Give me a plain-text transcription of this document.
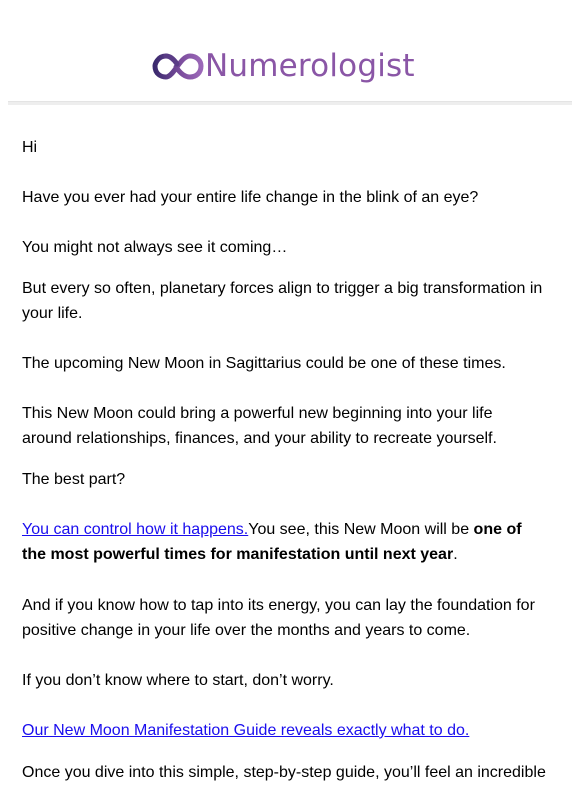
Numerologist

Hi

Have you ever had your entire life change in the blink of an eye?

You might not always see it coming…

But every so often, planetary forces align to trigger a big transformation in your life.

The upcoming New Moon in Sagittarius could be one of these times.

This New Moon could bring a powerful new beginning into your life around relationships, finances, and your ability to recreate yourself.

The best part?

You can control how it happens.You see, this New Moon will be one of the most powerful times for manifestation until next year.

And if you know how to tap into its energy, you can lay the foundation for positive change in your life over the months and years to come.

If you don’t know where to start, don’t worry.

Our New Moon Manifestation Guide reveals exactly what to do.

Once you dive into this simple, step-by-step guide, you’ll feel an incredible
